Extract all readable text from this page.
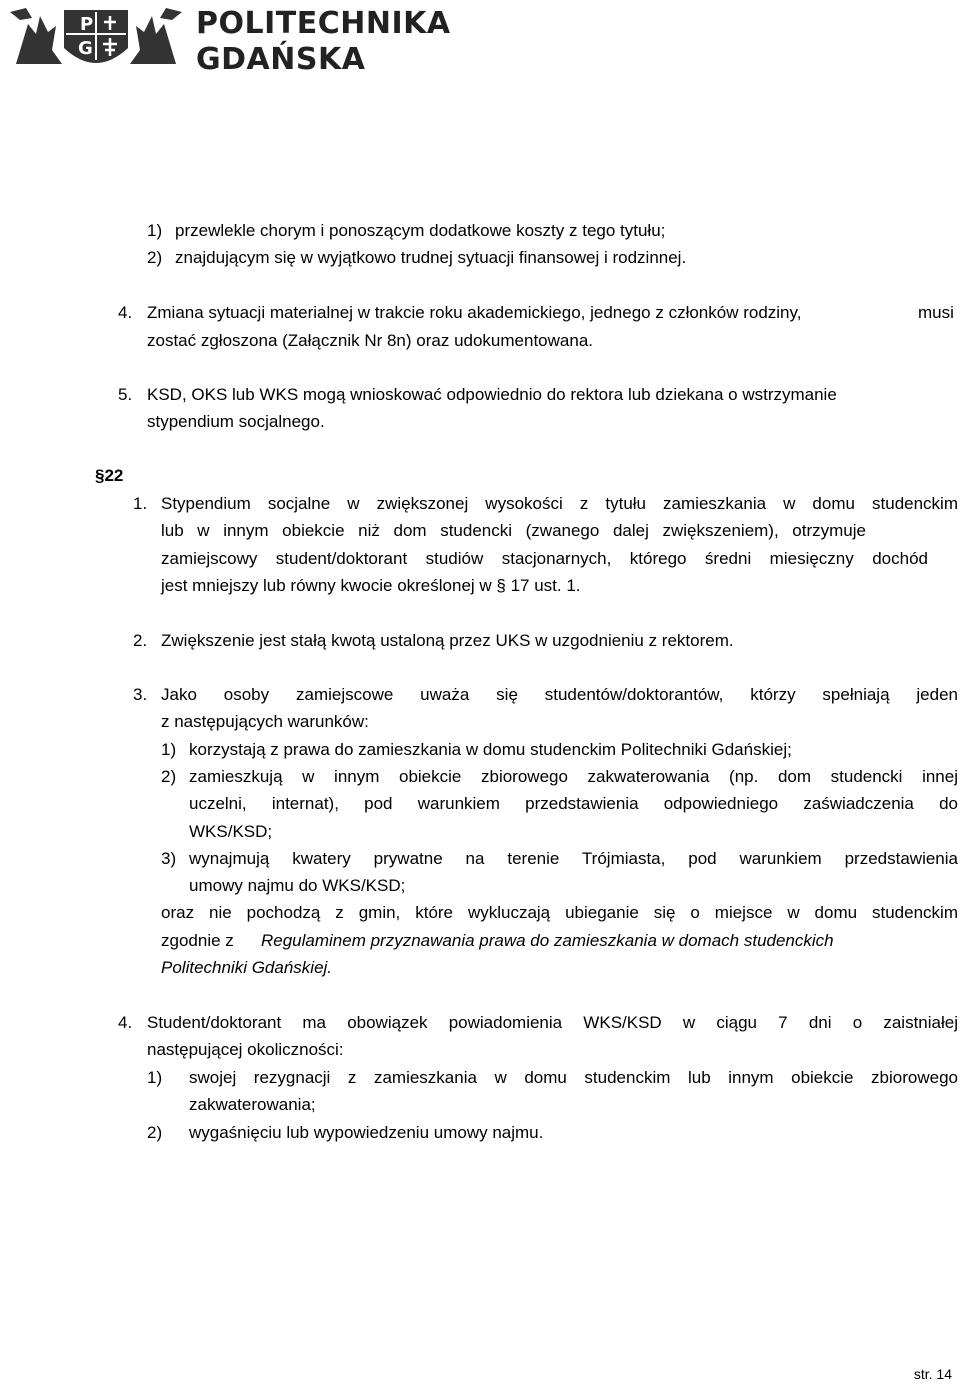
P
G
POLITECHNIKA
GDAŃSKA
1) przewlekle chorym i ponoszącym dodatkowe koszty z tego tytułu;
2) znajdującym się w wyjątkowo trudnej sytuacji finansowej i rodzinnej.
4. Zmiana sytuacji materialnej w trakcie roku akademickiego, jednego z członków rodziny,	musi
zostać zgłoszona (Załącznik Nr 8n) oraz udokumentowana.
5. KSD, OKS lub WKS mogą wnioskować odpowiednio do rektora lub dziekana o wstrzymanie
stypendium socjalnego.
§22
1. Stypendium socjalne w zwiększonej wysokości z tytułu zamieszkania w domu studenckim
lub w innym obiekcie niż dom studencki (zwanego dalej zwiększeniem), otrzymuje
zamiejscowy student/doktorant studiów stacjonarnych, którego średni miesięczny dochód
jest mniejszy lub równy kwocie określonej w § 17 ust. 1.
2. Zwiększenie jest stałą kwotą ustaloną przez UKS w uzgodnieniu z rektorem.
3. Jako osoby zamiejscowe uważa się studentów/doktorantów, którzy spełniają jeden
z następujących warunków:
1) korzystają z prawa do zamieszkania w domu studenckim Politechniki Gdańskiej;
2) zamieszkują w innym obiekcie zbiorowego zakwaterowania (np. dom studencki innej
uczelni, internat), pod warunkiem przedstawienia odpowiedniego zaświadczenia do
WKS/KSD;
3) wynajmują kwatery prywatne na terenie Trójmiasta, pod warunkiem przedstawienia
umowy najmu do WKS/KSD;
oraz nie pochodzą z gmin, które wykluczają ubieganie się o miejsce w domu studenckim
zgodnie z Regulaminem przyznawania prawa do zamieszkania w domach studenckich
Politechniki Gdańskiej.
4. Student/doktorant ma obowiązek powiadomienia WKS/KSD w ciągu 7 dni o zaistniałej
następującej okoliczności:
1) swojej rezygnacji z zamieszkania w domu studenckim lub innym obiekcie zbiorowego
zakwaterowania;
2) wygaśnięciu lub wypowiedzeniu umowy najmu.
str. 14
